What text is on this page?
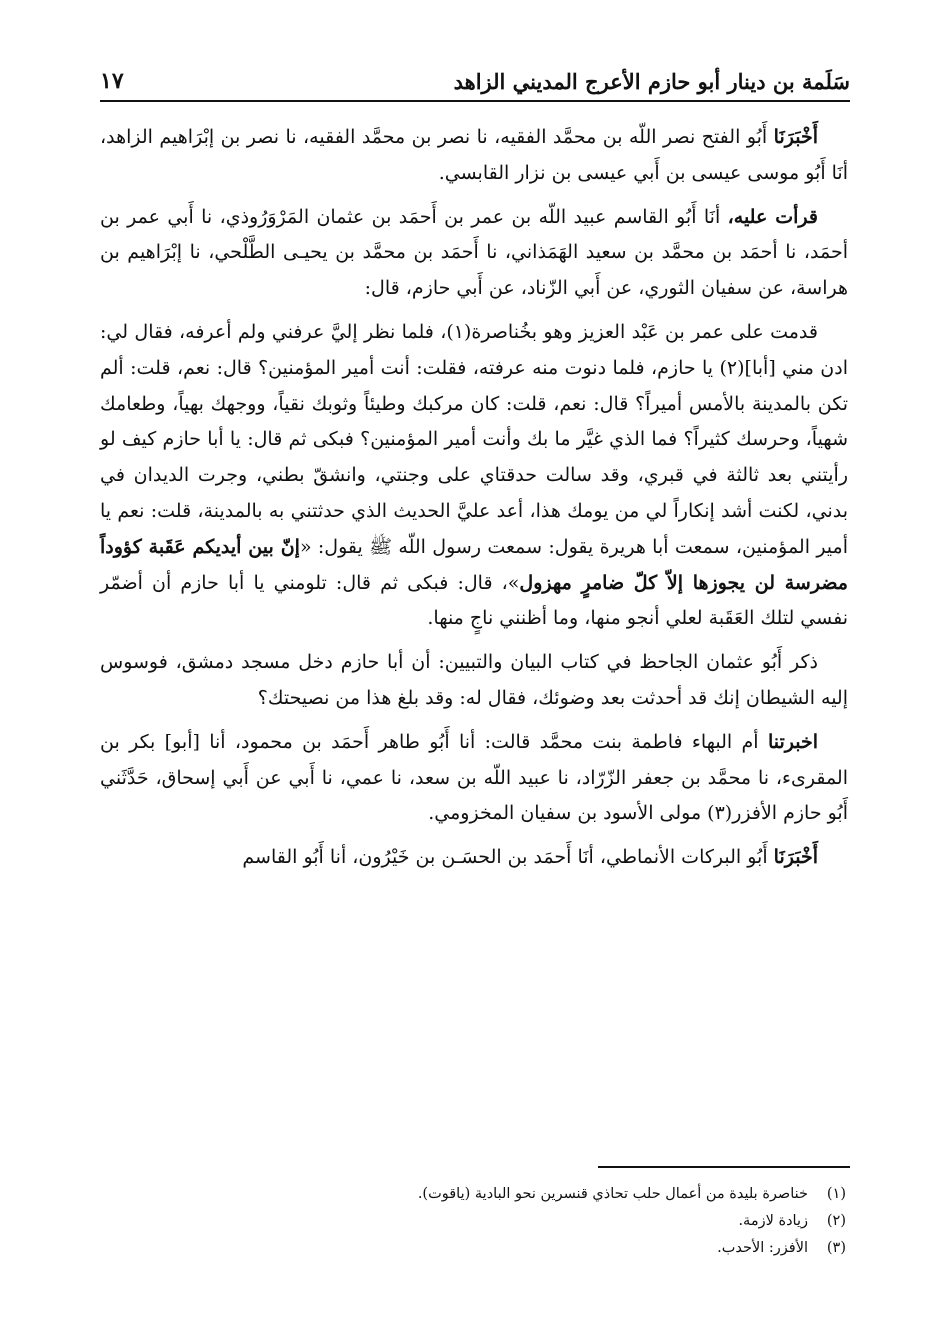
سَلَمة بن دينار أبو حازم الأعرج المديني الزاهد
١٧

أَخْبَرَنَا أَبُو الفتح نصر اللّه بن محمَّد الفقيه، نا نصر بن محمَّد الفقيه، نا نصر بن إبْرَاهيم الزاهد، أنَا أَبُو موسى عيسى بن أَبي عيسى بن نزار القابسي.

قرأت عليه، أنَا أَبُو القاسم عبيد اللّه بن عمر بن أَحمَد بن عثمان المَرْوَرُوذي، نا أَبي عمر بن أحمَد، نا أحمَد بن محمَّد بن سعيد الهَمَذاني، نا أَحمَد بن محمَّد بن يحيـى الطَّلْحي، نا إبْرَاهيم بن هراسة، عن سفيان الثوري، عن أَبي الزّناد، عن أَبي حازم، قال:

قدمت على عمر بن عَبْد العزيز وهو بخُناصرة(١)، فلما نظر إليَّ عرفني ولم أعرفه، فقال لي: ادن مني [أبا](٢) يا حازم، فلما دنوت منه عرفته، فقلت: أنت أمير المؤمنين؟ قال: نعم، قلت: ألم تكن بالمدينة بالأمس أميراً؟ قال: نعم، قلت: كان مركبك وطيئاً وثوبك نقياً، ووجهك بهياً، وطعامك شهياً، وحرسك كثيراً؟ فما الذي غيَّر ما بك وأنت أمير المؤمنين؟ فبكى ثم قال: يا أبا حازم كيف لو رأيتني بعد ثالثة في قبري، وقد سالت حدقتاي على وجنتي، وانشقّ بطني، وجرت الديدان في بدني، لكنت أشد إنكاراً لي من يومك هذا، أعد عليَّ الحديث الذي حدثتني به بالمدينة، قلت: نعم يا أمير المؤمنين، سمعت أبا هريرة يقول: سمعت رسول اللّه ﷺ يقول: «إنّ بين أيديكم عَقَبة كؤوداً مضرسة لن يجوزها إلاّ كلّ ضامرٍ مهزول»، قال: فبكى ثم قال: تلومني يا أبا حازم أن أضمّر نفسي لتلك العَقَبة لعلي أنجو منها، وما أظنني ناجٍ منها.

ذكر أَبُو عثمان الجاحظ في كتاب البيان والتبيين: أن أبا حازم دخل مسجد دمشق، فوسوس إليه الشيطان إنك قد أحدثت بعد وضوئك، فقال له: وقد بلغ هذا من نصيحتك؟

اخبرتنا أم البهاء فاطمة بنت محمَّد قالت: أنا أَبُو طاهر أَحمَد بن محمود، أنا [أبو] بكر بن المقرىء، نا محمَّد بن جعفر الزّرّاد، نا عبيد اللّه بن سعد، نا عمي، نا أَبي عن أَبي إسحاق، حَدَّثَني أَبُو حازم الأفزر(٣) مولى الأسود بن سفيان المخزومي.

أَخْبَرَنَا أَبُو البركات الأنماطي، أنَا أَحمَد بن الحسَـن بن خَيْرُون، أنا أَبُو القاسم

(١)خناصرة بليدة من أعمال حلب تحاذي قنسرين نحو البادية (ياقوت).
(٢)زيادة لازمة.
(٣)الأفزر: الأحدب.
